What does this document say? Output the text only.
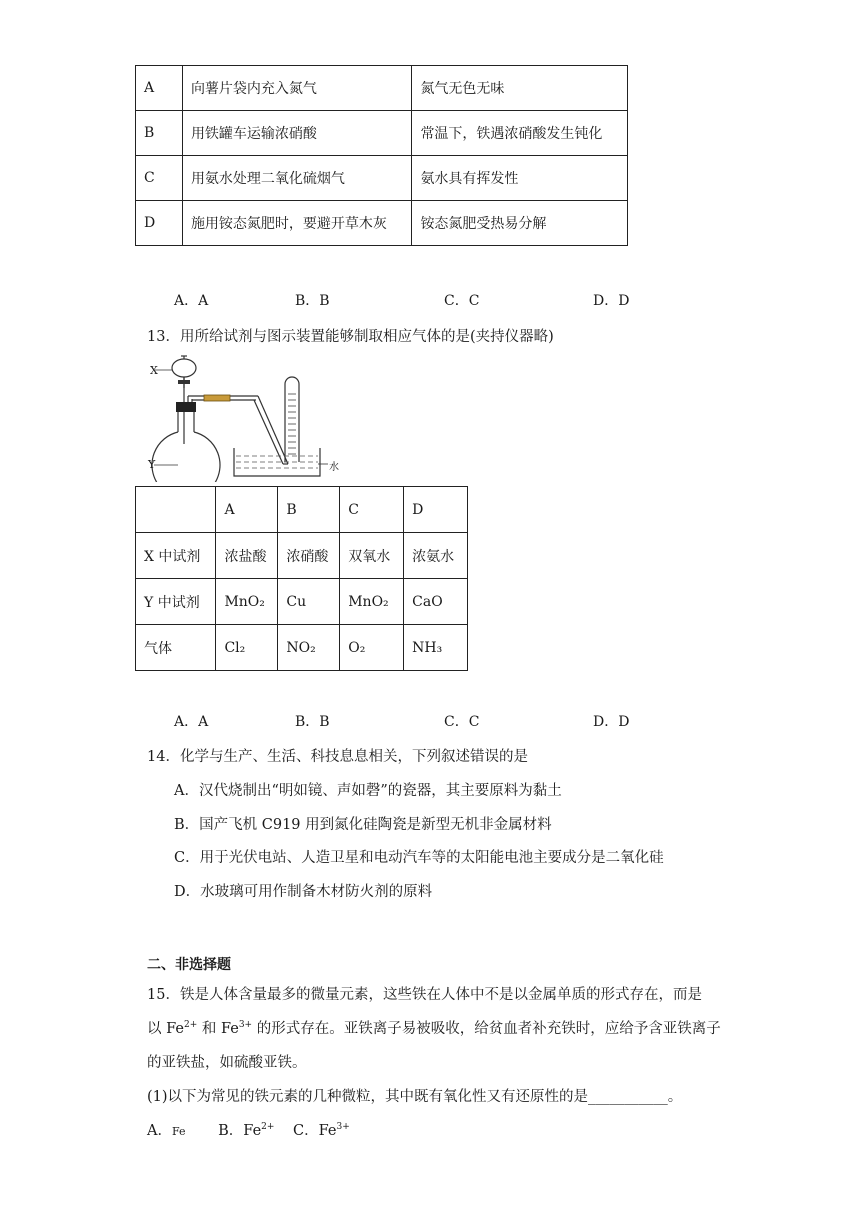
A	向薯片袋内充入氮气	氮气无色无味
B	用铁罐车运输浓硝酸	常温下，铁遇浓硝酸发生钝化
C	用氨水处理二氧化硫烟气	氨水具有挥发性
D	施用铵态氮肥时，要避开草木灰	铵态氮肥受热易分解
A．A	B．B	C．C	D．D
13．用所给试剂与图示装置能够制取相应气体的是(夹持仪器略)
X
Y	水
	A	B	C	D
X 中试剂	浓盐酸	浓硝酸	双氧水	浓氨水
Y 中试剂	MnO₂	Cu	MnO₂	CaO
气体	Cl₂	NO₂	O₂	NH₃
A．A	B．B	C．C	D．D
14．化学与生产、生活、科技息息相关，下列叙述错误的是
A．汉代烧制出“明如镜、声如磬”的瓷器，其主要原料为黏土
B．国产飞机 C919 用到氮化硅陶瓷是新型无机非金属材料
C．用于光伏电站、人造卫星和电动汽车等的太阳能电池主要成分是二氧化硅
D．水玻璃可用作制备木材防火剂的原料
二、非选择题
15．铁是人体含量最多的微量元素，这些铁在人体中不是以金属单质的形式存在，而是
以 $Fe^{2+}$ 和 $Fe^{3+}$ 的形式存在。亚铁离子易被吸收，给贫血者补充铁时，应给予含亚铁离子
的亚铁盐，如硫酸亚铁。
(1)以下为常见的铁元素的几种微粒，其中既有氧化性又有还原性的是___________。
A．Fe B．$Fe^{2+}$ C．$Fe^{3+}$
